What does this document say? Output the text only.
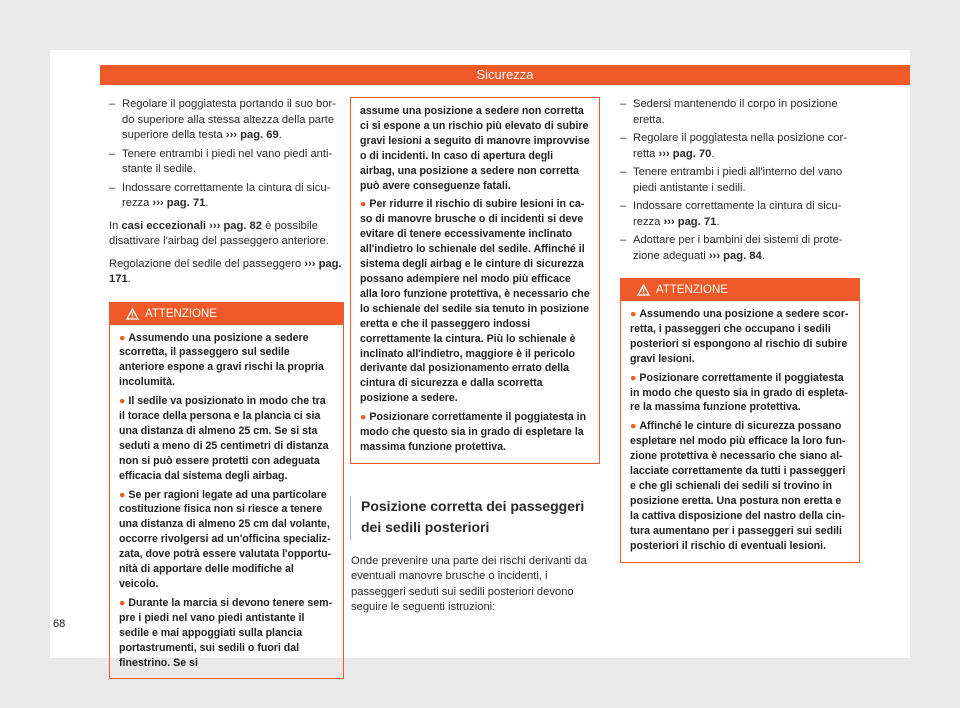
Sicurezza
– Regolare il poggiatesta portando il suo bordo superiore alla stessa altezza della parte superiore della testa ››› pag. 69.
– Tenere entrambi i piedi nel vano piedi antistante il sedile.
– Indossare correttamente la cintura di sicurezza ››› pag. 71.

In casi eccezionali ››› pag. 82 è possibile disattivare l'airbag del passeggero anteriore.

Regolazione del sedile del passeggero ››› pag. 171.

ATTENZIONE
● Assumendo una posizione a sedere scorretta, il passeggero sul sedile anteriore espone a gravi rischi la propria incolumità.
● Il sedile va posizionato in modo che tra il torace della persona e la plancia ci sia una distanza di almeno 25 cm. Se si sta seduti a meno di 25 centimetri di distanza non si può essere protetti con adeguata efficacia dal sistema degli airbag.
● Se per ragioni legate ad una particolare costituzione fisica non si riesce a tenere una distanza di almeno 25 cm dal volante, occorre rivolgersi ad un'officina specializzata, dove potrà essere valutata l'opportunità di apportare delle modifiche al veicolo.
● Durante la marcia si devono tenere sempre i piedi nel vano piedi antistante il sedile e mai appoggiati sulla plancia portastrumenti, sui sedili o fuori dal finestrino. Se si
assume una posizione a sedere non corretta ci si espone a un rischio più elevato di subire gravi lesioni a seguito di manovre improvvise o di incidenti. In caso di apertura degli airbag, una posizione a sedere non corretta può avere conseguenze fatali.
● Per ridurre il rischio di subire lesioni in caso di manovre brusche o di incidenti si deve evitare di tenere eccessivamente inclinato all'indietro lo schienale del sedile. Affinché il sistema degli airbag e le cinture di sicurezza possano adempiere nel modo più efficace alla loro funzione protettiva, è necessario che lo schienale del sedile sia tenuto in posizione eretta e che il passeggero indossi correttamente la cintura. Più lo schienale è inclinato all'indietro, maggiore è il pericolo derivante dal posizionamento errato della cintura di sicurezza e dalla scorretta posizione a sedere.
● Posizionare correttamente il poggiatesta in modo che questo sia in grado di espletare la massima funzione protettiva.
Posizione corretta dei passeggeri dei sedili posteriori

Onde prevenire una parte dei rischi derivanti da eventuali manovre brusche o incidenti, i passeggeri seduti sui sedili posteriori devono seguire le seguenti istruzioni:

– Sedersi mantenendo il corpo in posizione eretta.
– Regolare il poggiatesta nella posizione corretta ››› pag. 70.
– Tenere entrambi i piedi all'interno del vano piedi antistante i sedili.
– Indossare correttamente la cintura di sicurezza ››› pag. 71.
– Adottare per i bambini dei sistemi di protezione adeguati ››› pag. 84.
ATTENZIONE
● Assumendo una posizione a sedere scorretta, i passeggeri che occupano i sedili posteriori si espongono al rischio di subire gravi lesioni.
● Posizionare correttamente il poggiatesta in modo che questo sia in grado di espletare la massima funzione protettiva.
● Affinché le cinture di sicurezza possano espletare nel modo più efficace la loro funzione protettiva è necessario che siano allacciate correttamente da tutti i passeggeri e che gli schienali dei sedili si trovino in posizione eretta. Una postura non eretta e la cattiva disposizione del nastro della cintura aumentano per i passeggeri sui sedili posteriori il rischio di eventuali lesioni.
68
